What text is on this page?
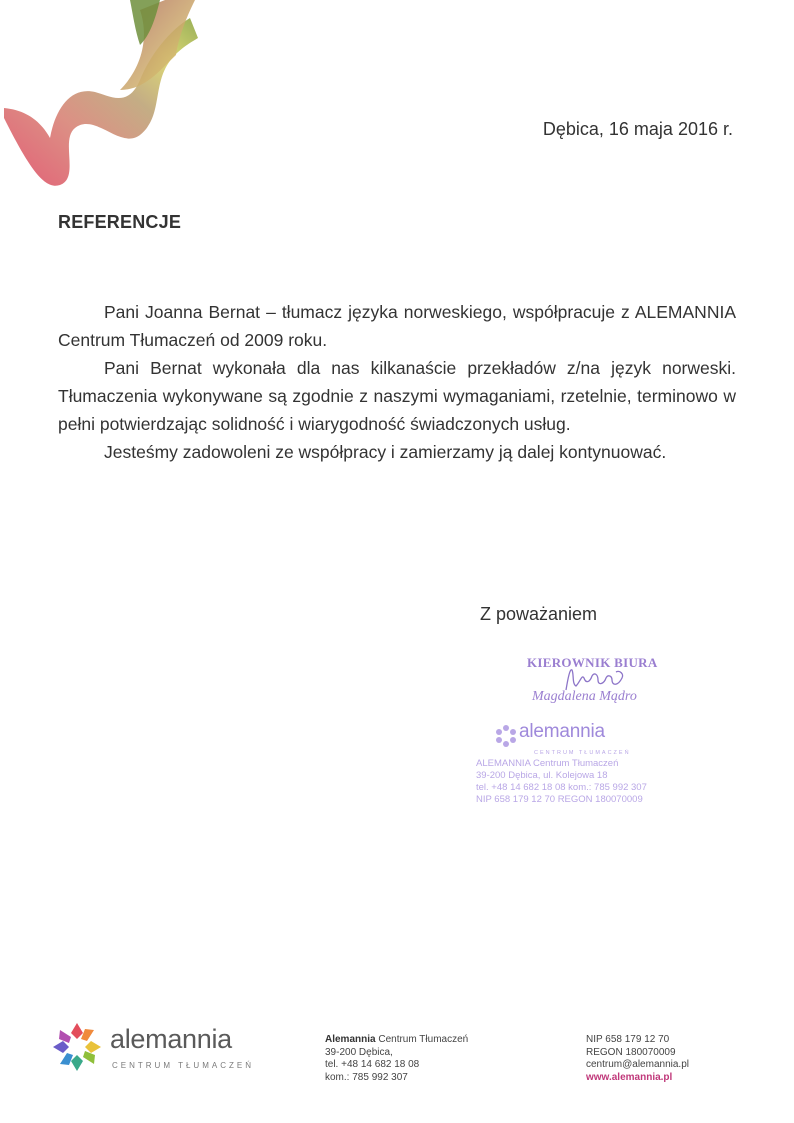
Dębica, 16 maja 2016 r.
REFERENCJE

Pani Joanna Bernat – tłumacz języka norweskiego, współpracuje z ALEMANNIA Centrum Tłumaczeń od 2009 roku.

Pani Bernat wykonała dla nas kilkanaście przekładów z/na język norweski. Tłumaczenia wykonywane są zgodnie z naszymi wymaganiami, rzetelnie, terminowo w pełni potwierdzając solidność i wiarygodność świadczonych usług.

Jesteśmy zadowoleni ze współpracy i zamierzamy ją dalej kontynuować.

Z poważaniem
KIEROWNIK BIURA
Magdalena Mądro
alemannia
CENTRUM TŁUMACZEŃ
ALEMANNIA Centrum Tłumaczeń
39-200 Dębica, ul. Kolejowa 18
tel. +48 14 682 18 08 kom.: 785 992 307
NIP 658 179 12 70 REGON 180070009
alemannia
CENTRUM TŁUMACZEŃ
Alemannia Centrum Tłumaczeń
39-200 Dębica,
tel. +48 14 682 18 08
kom.: 785 992 307
NIP 658 179 12 70
REGON 180070009
centrum@alemannia.pl
www.alemannia.pl
